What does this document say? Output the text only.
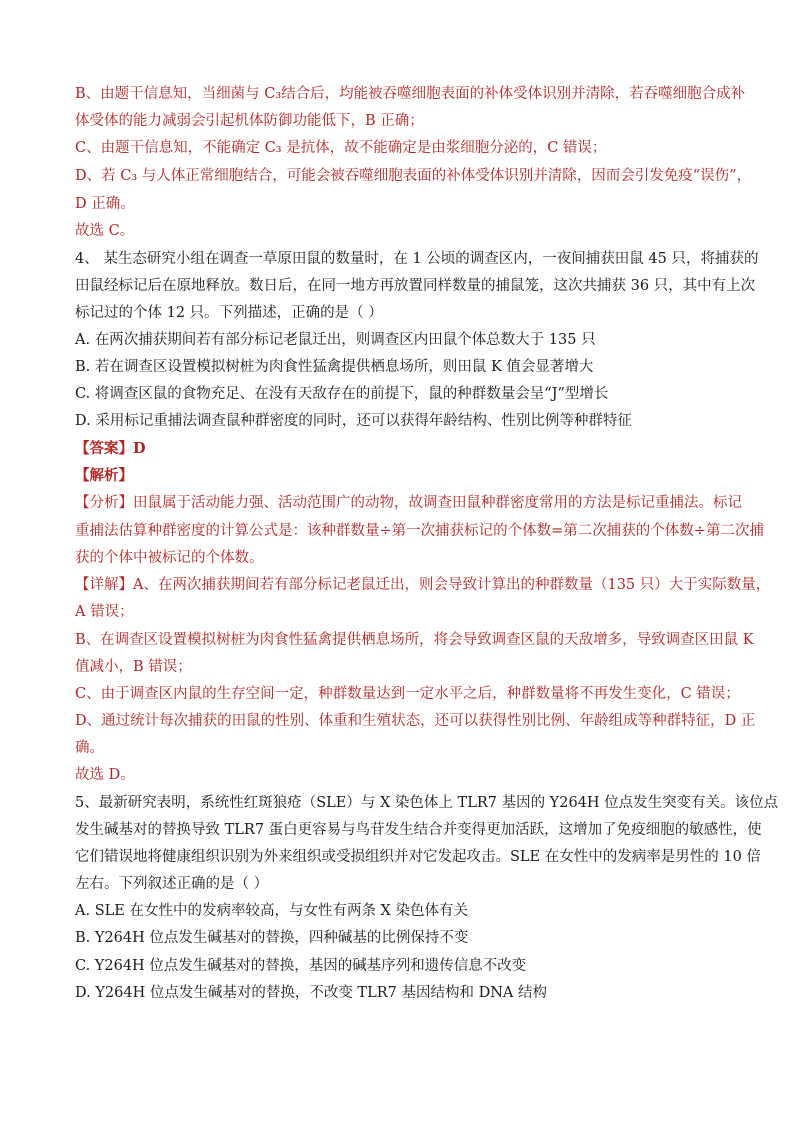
B、由题干信息知，当细菌与 C₃结合后，均能被吞噬细胞表面的补体受体识别并清除，若吞噬细胞合成补
体受体的能力减弱会引起机体防御功能低下，B 正确；
C、由题干信息知，不能确定 C₃ 是抗体，故不能确定是由浆细胞分泌的，C 错误；
D、若 C₃ 与人体正常细胞结合，可能会被吞噬细胞表面的补体受体识别并清除，因而会引发免疫“误伤”，
D 正确。
故选 C。
4、 某生态研究小组在调查一草原田鼠的数量时，在 1 公顷的调查区内，一夜间捕获田鼠 45 只，将捕获的
田鼠经标记后在原地释放。数日后，在同一地方再放置同样数量的捕鼠笼，这次共捕获 36 只，其中有上次
标记过的个体 12 只。下列描述，正确的是（ ）
A. 在两次捕获期间若有部分标记老鼠迁出，则调查区内田鼠个体总数大于 135 只
B. 若在调查区设置模拟树桩为肉食性猛禽提供栖息场所，则田鼠 K 值会显著增大
C. 将调查区鼠的食物充足、在没有天敌存在的前提下，鼠的种群数量会呈“J”型增长
D. 采用标记重捕法调查鼠种群密度的同时，还可以获得年龄结构、性别比例等种群特征
【答案】D
【解析】
【分析】田鼠属于活动能力强、活动范围广的动物，故调查田鼠种群密度常用的方法是标记重捕法。标记
重捕法估算种群密度的计算公式是：该种群数量÷第一次捕获标记的个体数=第二次捕获的个体数÷第二次捕
获的个体中被标记的个体数。
【详解】A、在两次捕获期间若有部分标记老鼠迁出，则会导致计算出的种群数量（135 只）大于实际数量，
A 错误；
B、在调查区设置模拟树桩为肉食性猛禽提供栖息场所，将会导致调查区鼠的天敌增多，导致调查区田鼠 K
值减小，B 错误；
C、由于调查区内鼠的生存空间一定，种群数量达到一定水平之后，种群数量将不再发生变化，C 错误；
D、通过统计每次捕获的田鼠的性别、体重和生殖状态，还可以获得性别比例、年龄组成等种群特征，D 正
确。
故选 D。
5、最新研究表明，系统性红斑狼疮（SLE）与 X 染色体上 TLR7 基因的 Y264H 位点发生突变有关。该位点
发生碱基对的替换导致 TLR7 蛋白更容易与鸟苷发生结合并变得更加活跃，这增加了免疫细胞的敏感性，使
它们错误地将健康组织识别为外来组织或受损组织并对它发起攻击。SLE 在女性中的发病率是男性的 10 倍
左右。下列叙述正确的是（ ）
A. SLE 在女性中的发病率较高，与女性有两条 X 染色体有关
B. Y264H 位点发生碱基对的替换，四种碱基的比例保持不变
C. Y264H 位点发生碱基对的替换，基因的碱基序列和遗传信息不改变
D. Y264H 位点发生碱基对的替换，不改变 TLR7 基因结构和 DNA 结构
